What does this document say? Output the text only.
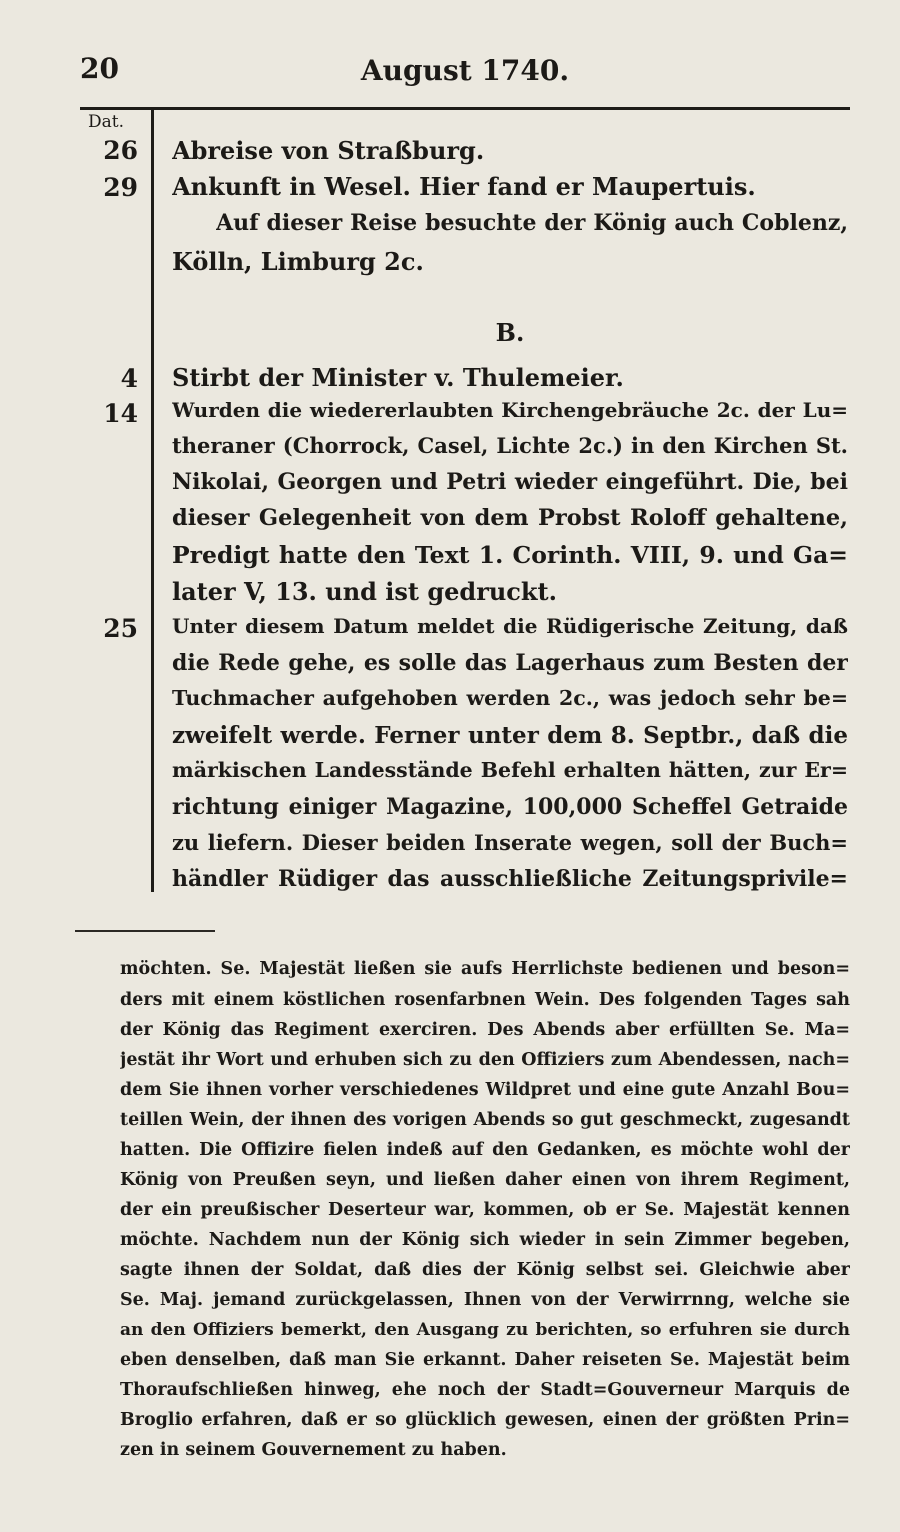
20	August 1740.
Dat.
26
29
4
14
25
Abreise von Straßburg.
Ankunft in Wesel. Hier fand er Maupertuis.
Auf dieser Reise besuchte der König auch Coblenz,
Kölln, Limburg 2c.
B.
Stirbt der Minister v. Thulemeier.
Wurden die wiedererlaubten Kirchengebräuche 2c. der Lu=
theraner (Chorrock, Casel, Lichte 2c.) in den Kirchen St.
Nikolai, Georgen und Petri wieder eingeführt. Die, bei
dieser Gelegenheit von dem Probst Roloff gehaltene,
Predigt hatte den Text 1. Corinth. VIII, 9. und Ga=
later V, 13. und ist gedruckt.
Unter diesem Datum meldet die Rüdigerische Zeitung, daß
die Rede gehe, es solle das Lagerhaus zum Besten der
Tuchmacher aufgehoben werden 2c., was jedoch sehr be=
zweifelt werde. Ferner unter dem 8. Septbr., daß die
märkischen Landesstände Befehl erhalten hätten, zur Er=
richtung einiger Magazine, 100,000 Scheffel Getraide
zu liefern. Dieser beiden Inserate wegen, soll der Buch=
händler Rüdiger das ausschließliche Zeitungsprivile=
möchten. Se. Majestät ließen sie aufs Herrlichste bedienen und beson=
ders mit einem köstlichen rosenfarbnen Wein. Des folgenden Tages sah
der König das Regiment exerciren. Des Abends aber erfüllten Se. Ma=
jestät ihr Wort und erhuben sich zu den Offiziers zum Abendessen, nach=
dem Sie ihnen vorher verschiedenes Wildpret und eine gute Anzahl Bou=
teillen Wein, der ihnen des vorigen Abends so gut geschmeckt, zugesandt
hatten. Die Offizire fielen indeß auf den Gedanken, es möchte wohl der
König von Preußen seyn, und ließen daher einen von ihrem Regiment,
der ein preußischer Deserteur war, kommen, ob er Se. Majestät kennen
möchte. Nachdem nun der König sich wieder in sein Zimmer begeben,
sagte ihnen der Soldat, daß dies der König selbst sei. Gleichwie aber
Se. Maj. jemand zurückgelassen, Ihnen von der Verwirrnng, welche sie
an den Offiziers bemerkt, den Ausgang zu berichten, so erfuhren sie durch
eben denselben, daß man Sie erkannt. Daher reiseten Se. Majestät beim
Thoraufschließen hinweg, ehe noch der Stadt=Gouverneur Marquis de
Broglio erfahren, daß er so glücklich gewesen, einen der größten Prin=
zen in seinem Gouvernement zu haben.
